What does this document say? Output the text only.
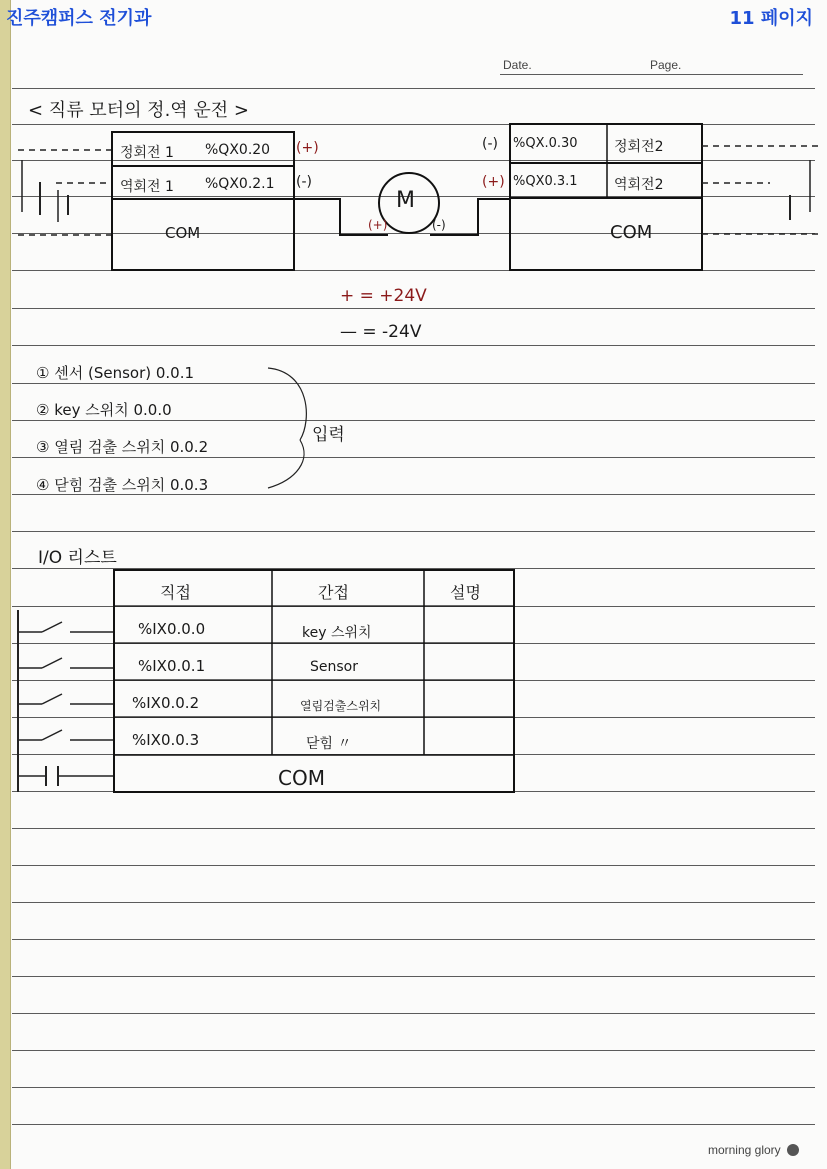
진주캠퍼스 전기과	11 페이지
Date.	Page.
< 직류 모터의 정.역 운전 >
정회전 1 %QX0.20 (+)
역회전 1 %QX0.2.1 (-)
COM
(-) %QX.0.30	정회전2
(+) %QX0.3.1	역회전2
COM
M
(+)	(-)
+ = +24V
— = -24V
① 센서 (Sensor) 0.0.1
② key 스위치 0.0.0
③ 열림 검출 스위치 0.0.2
④ 닫힘 검출 스위치 0.0.3
입력
I/O 리스트
직접	간접	설명
%IX0.0.0	key 스위치
%IX0.0.1	Sensor
%IX0.0.2	열림검출스위치
%IX0.0.3	닫힘 〃
COM
morning glory
